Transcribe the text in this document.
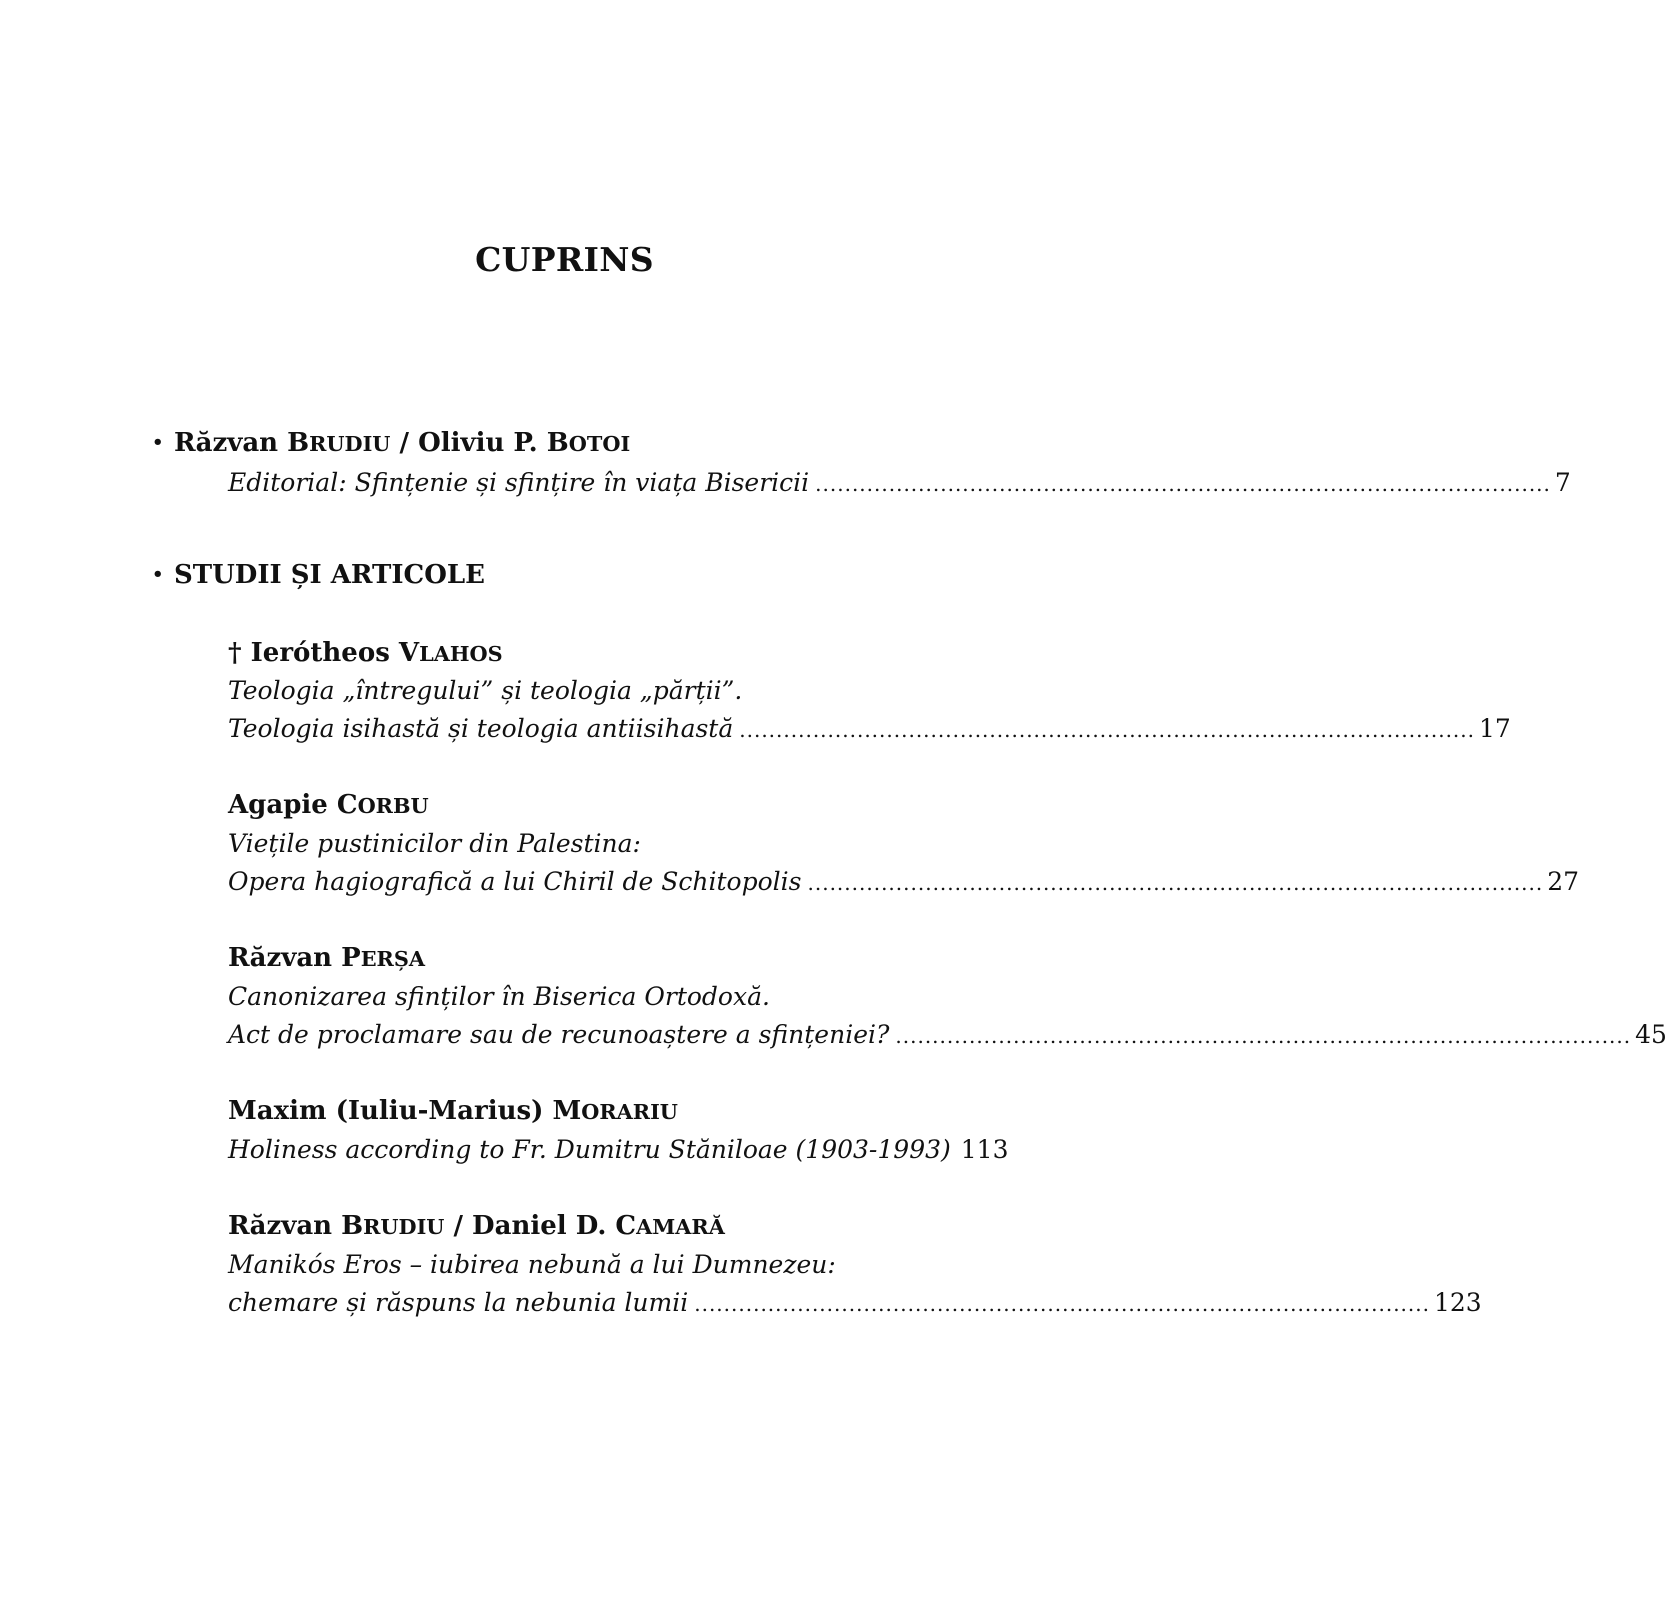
CUPRINS
• Răzvan BRUDIU / Oliviu P. BOTOI
Editorial: Sfințenie și sfințire în viața Bisericii .................................................................................................... 7
• STUDII ȘI ARTICOLE
† Ierótheos VLAHOS
Teologia „întregului” și teologia „părții”.
Teologia isihastă și teologia antiisihastă .................................................................................................... 17
Agapie CORBU
Viețile pustinicilor din Palestina:
Opera hagiografică a lui Chiril de Schitopolis .................................................................................................... 27
Răzvan PERȘA
Canonizarea sfinților în Biserica Ortodoxă.
Act de proclamare sau de recunoaștere a sfințeniei? .................................................................................................... 45
Maxim (Iuliu-Marius) MORARIU
Holiness according to Fr. Dumitru Stăniloae (1903-1993) 113
Răzvan BRUDIU / Daniel D. CAMARĂ
Manikós Eros – iubirea nebună a lui Dumnezeu:
chemare și răspuns la nebunia lumii .................................................................................................... 123
